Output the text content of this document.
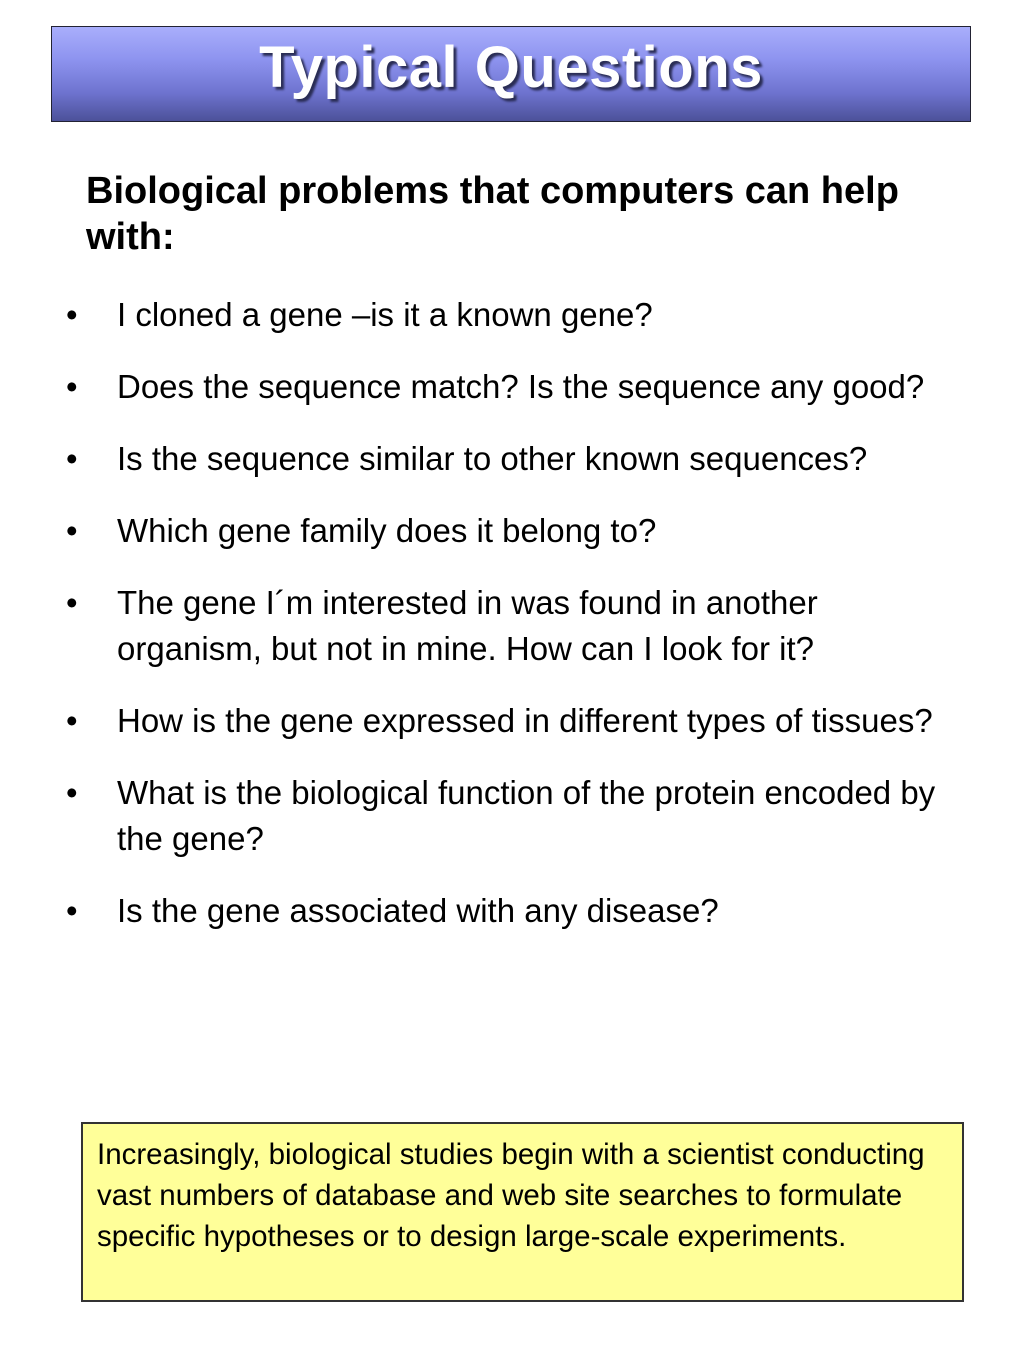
Typical Questions
Biological problems that computers can help with:
• I cloned a gene –is it a known gene?
• Does the sequence match? Is the sequence any good?
• Is the sequence similar to other known sequences?
• Which gene family does it belong to?
• The gene I´m interested in was found in another organism, but not in mine. How can I look for it?
• How is the gene expressed in different types of tissues?
• What is the biological function of the protein encoded by the gene?
• Is the gene associated with any disease?
Increasingly, biological studies begin with a scientist conducting vast numbers of database and web site searches to formulate specific hypotheses or to design large-scale experiments.
